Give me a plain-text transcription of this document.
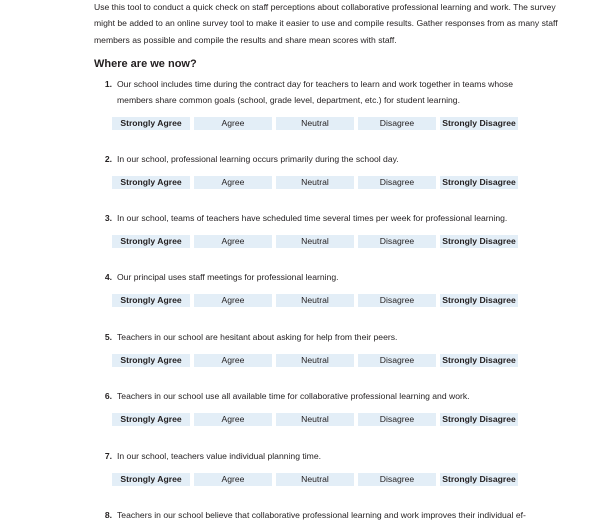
Use this tool to conduct a quick check on staff perceptions about collaborative professional learning and work. The survey might be added to an online survey tool to make it easier to use and compile results. Gather responses from as many staff members as possible and compile the results and share mean scores with staff.

Where are we now?
1. Our school includes time during the contract day for teachers to learn and work together in teams whose members share common goals (school, grade level, department, etc.) for student learning.

Strongly Agree	Agree	Neutral	Disagree	Strongly Disagree
2. In our school, professional learning occurs primarily during the school day.

Strongly Agree	Agree	Neutral	Disagree	Strongly Disagree
3. In our school, teams of teachers have scheduled time several times per week for professional learning.

Strongly Agree	Agree	Neutral	Disagree	Strongly Disagree
4. Our principal uses staff meetings for professional learning.

Strongly Agree	Agree	Neutral	Disagree	Strongly Disagree
5. Teachers in our school are hesitant about asking for help from their peers.

Strongly Agree	Agree	Neutral	Disagree	Strongly Disagree
6. Teachers in our school use all available time for collaborative professional learning and work.

Strongly Agree	Agree	Neutral	Disagree	Strongly Disagree
7. In our school, teachers value individual planning time.

Strongly Agree	Agree	Neutral	Disagree	Strongly Disagree
8. Teachers in our school believe that collaborative professional learning and work improves their individual ef-
